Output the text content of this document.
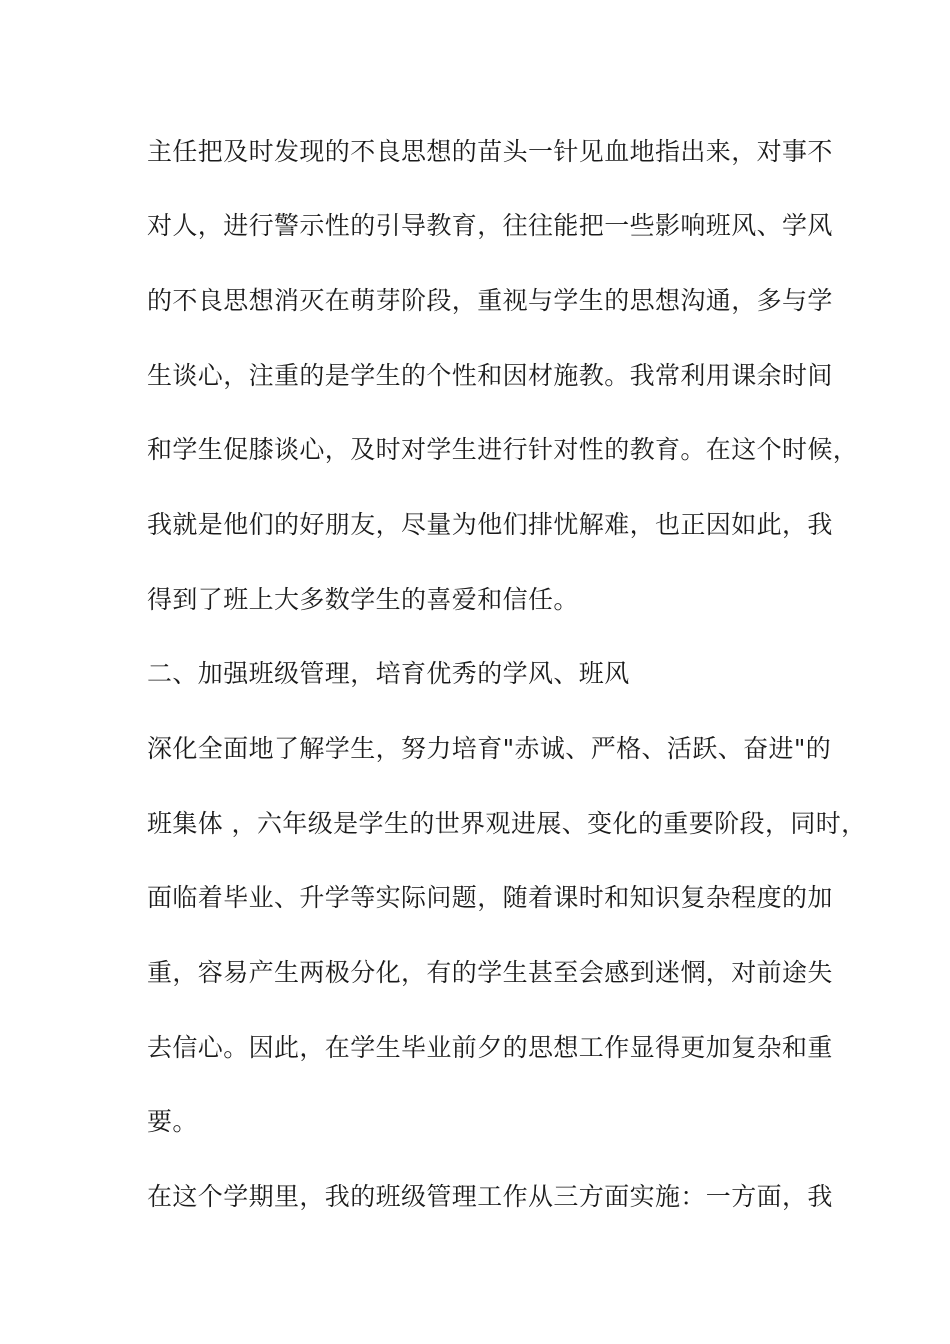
主任把及时发现的不良思想的苗头一针见血地指出来，对事不
对人，进行警示性的引导教育，往往能把一些影响班风、学风
的不良思想消灭在萌芽阶段，重视与学生的思想沟通，多与学
生谈心，注重的是学生的个性和因材施教。我常利用课余时间
和学生促膝谈心，及时对学生进行针对性的教育。在这个时候，
我就是他们的好朋友，尽量为他们排忧解难，也正因如此，我
得到了班上大多数学生的喜爱和信任。
二、加强班级管理，培育优秀的学风、班风
深化全面地了解学生，努力培育"赤诚、严格、活跃、奋进"的
班集体 ，六年级是学生的世界观进展、变化的重要阶段，同时，
面临着毕业、升学等实际问题，随着课时和知识复杂程度的加
重，容易产生两极分化，有的学生甚至会感到迷惘，对前途失
去信心。因此，在学生毕业前夕的思想工作显得更加复杂和重
要。
在这个学期里，我的班级管理工作从三方面实施：一方面，我
